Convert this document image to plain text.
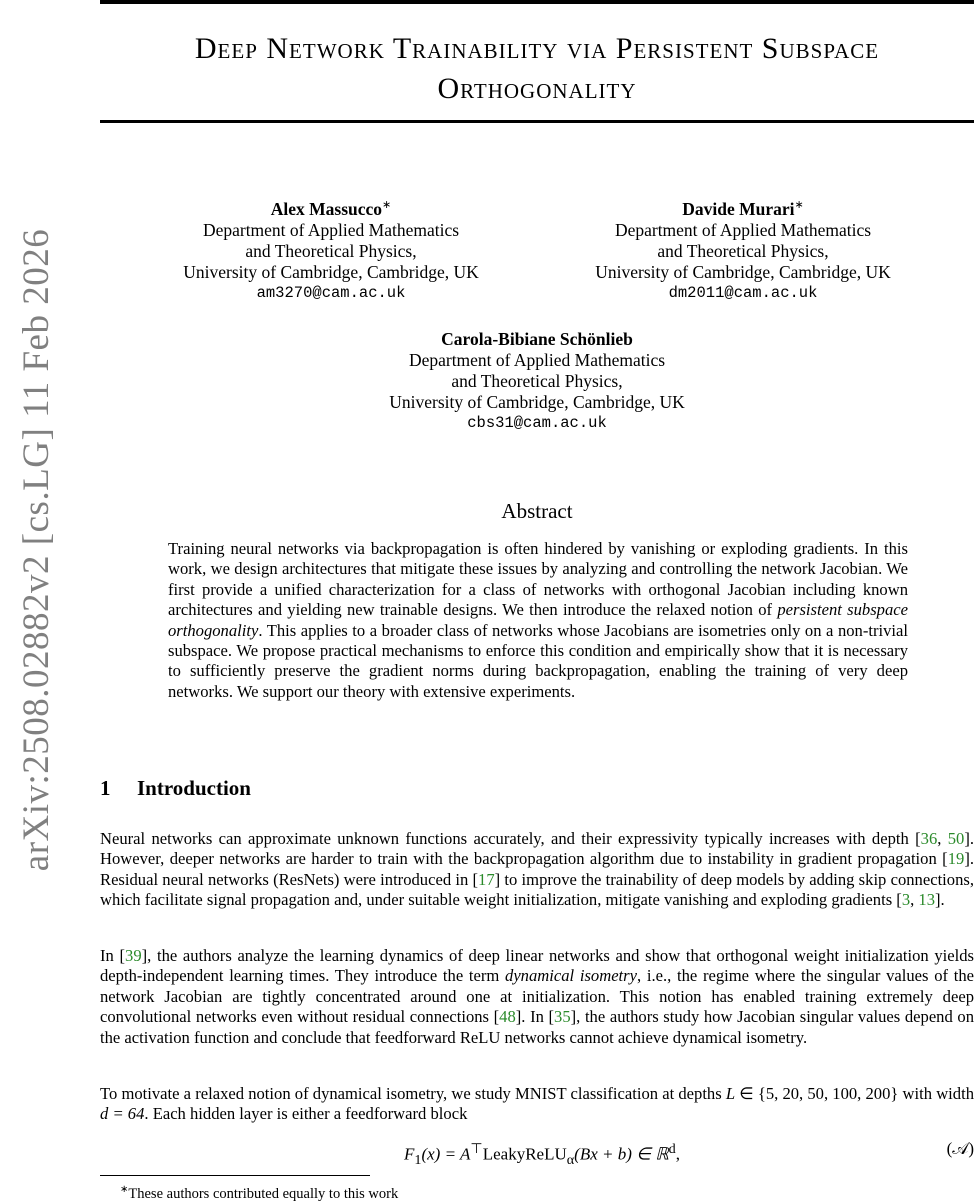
arXiv:2508.02882v2 [cs.LG] 11 Feb 2026
Deep Network Trainability via Persistent Subspace
Orthogonality
Alex Massucco∗
Department of Applied Mathematics
and Theoretical Physics,
University of Cambridge, Cambridge, UK
am3270@cam.ac.uk
Davide Murari∗
Department of Applied Mathematics
and Theoretical Physics,
University of Cambridge, Cambridge, UK
dm2011@cam.ac.uk
Carola-Bibiane Schönlieb
Department of Applied Mathematics
and Theoretical Physics,
University of Cambridge, Cambridge, UK
cbs31@cam.ac.uk
Abstract
Training neural networks via backpropagation is often hindered by vanishing or exploding gradients. In this work, we design architectures that mitigate these issues by analyzing and controlling the network Jacobian. We first provide a unified characterization for a class of networks with orthogonal Jacobian including known architectures and yielding new trainable designs. We then introduce the relaxed notion of persistent subspace orthogonality. This applies to a broader class of networks whose Jacobians are isometries only on a non-trivial subspace. We propose practical mechanisms to enforce this condition and empirically show that it is necessary to sufficiently preserve the gradient norms during backpropagation, enabling the training of very deep networks. We support our theory with extensive experiments.
1 Introduction
Neural networks can approximate unknown functions accurately, and their expressivity typically increases with depth [36, 50]. However, deeper networks are harder to train with the backpropagation algorithm due to instability in gradient propagation [19]. Residual neural networks (ResNets) were introduced in [17] to improve the trainability of deep models by adding skip connections, which facilitate signal propagation and, under suitable weight initialization, mitigate vanishing and exploding gradients [3, 13].
In [39], the authors analyze the learning dynamics of deep linear networks and show that orthogonal weight initialization yields depth-independent learning times. They introduce the term dynamical isometry, i.e., the regime where the singular values of the network Jacobian are tightly concentrated around one at initialization. This notion has enabled training extremely deep convolutional networks even without residual connections [48]. In [35], the authors study how Jacobian singular values depend on the activation function and conclude that feedforward ReLU networks cannot achieve dynamical isometry.
To motivate a relaxed notion of dynamical isometry, we study MNIST classification at depths L ∈ {5, 20, 50, 100, 200} with width d = 64. Each hidden layer is either a feedforward block
$F_1(x)$ = A⊤LeakyReLU$_\alpha$(Bx + b) ∈ ℝ$^d$,	(𝒜)
∗These authors contributed equally to this work
